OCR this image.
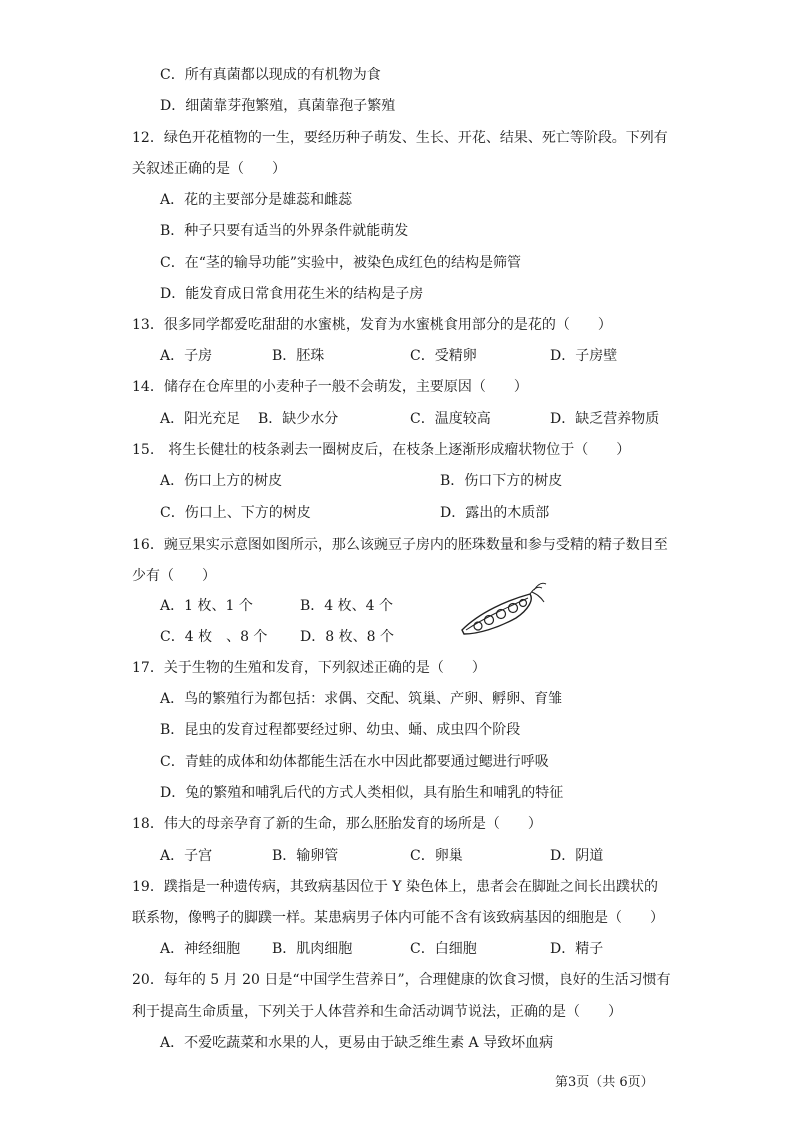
C．所有真菌都以现成的有机物为食
D．细菌靠芽孢繁殖，真菌靠孢子繁殖
12．绿色开花植物的一生，要经历种子萌发、生长、开花、结果、死亡等阶段。下列有
关叙述正确的是（　　）
A．花的主要部分是雄蕊和雌蕊
B．种子只要有适当的外界条件就能萌发
C．在“茎的输导功能”实验中，被染色成红色的结构是筛管
D．能发育成日常食用花生米的结构是子房
13．很多同学都爱吃甜甜的水蜜桃，发育为水蜜桃食用部分的是花的（　　）
A．子房	B．胚珠	C．受精卵	D．子房壁
14．储存在仓库里的小麦种子一般不会萌发，主要原因（　　）
A．阳光充足 B．缺少水分	C．温度较高	D．缺乏营养物质
15.　将生长健壮的枝条剥去一圈树皮后，在枝条上逐渐形成瘤状物位于（　　）
A．伤口上方的树皮	B．伤口下方的树皮
C．伤口上、下方的树皮	D．露出的木质部
16．豌豆果实示意图如图所示，那么该豌豆子房内的胚珠数量和参与受精的精子数目至
少有（　　）
A．1 枚、1 个	B．4 枚、4 个
C．4 枚　、8 个 D．8 枚、8 个
17．关于生物的生殖和发育，下列叙述正确的是（　　）
A．鸟的繁殖行为都包括：求偶、交配、筑巢、产卵、孵卵、育雏
B．昆虫的发育过程都要经过卵、幼虫、蛹、成虫四个阶段
C．青蛙的成体和幼体都能生活在水中因此都要通过鳃进行呼吸
D．兔的繁殖和哺乳后代的方式人类相似，具有胎生和哺乳的特征
18．伟大的母亲孕育了新的生命，那么胚胎发育的场所是（　　）
A．子宫	B．输卵管	C．卵巢	D．阴道
19．蹼指是一种遗传病，其致病基因位于 Y 染色体上，患者会在脚趾之间长出蹼状的
联系物，像鸭子的脚蹼一样。某患病男子体内可能不含有该致病基因的细胞是（　　）
A．神经细胞 B．肌肉细胞	C．白细胞	D．精子
20．每年的 5 月 20 日是“中国学生营养日”，合理健康的饮食习惯，良好的生活习惯有
利于提高生命质量，下列关于人体营养和生命活动调节说法，正确的是（　　）
A．不爱吃蔬菜和水果的人，更易由于缺乏维生素 A 导致坏血病
第3页（共 6页）
